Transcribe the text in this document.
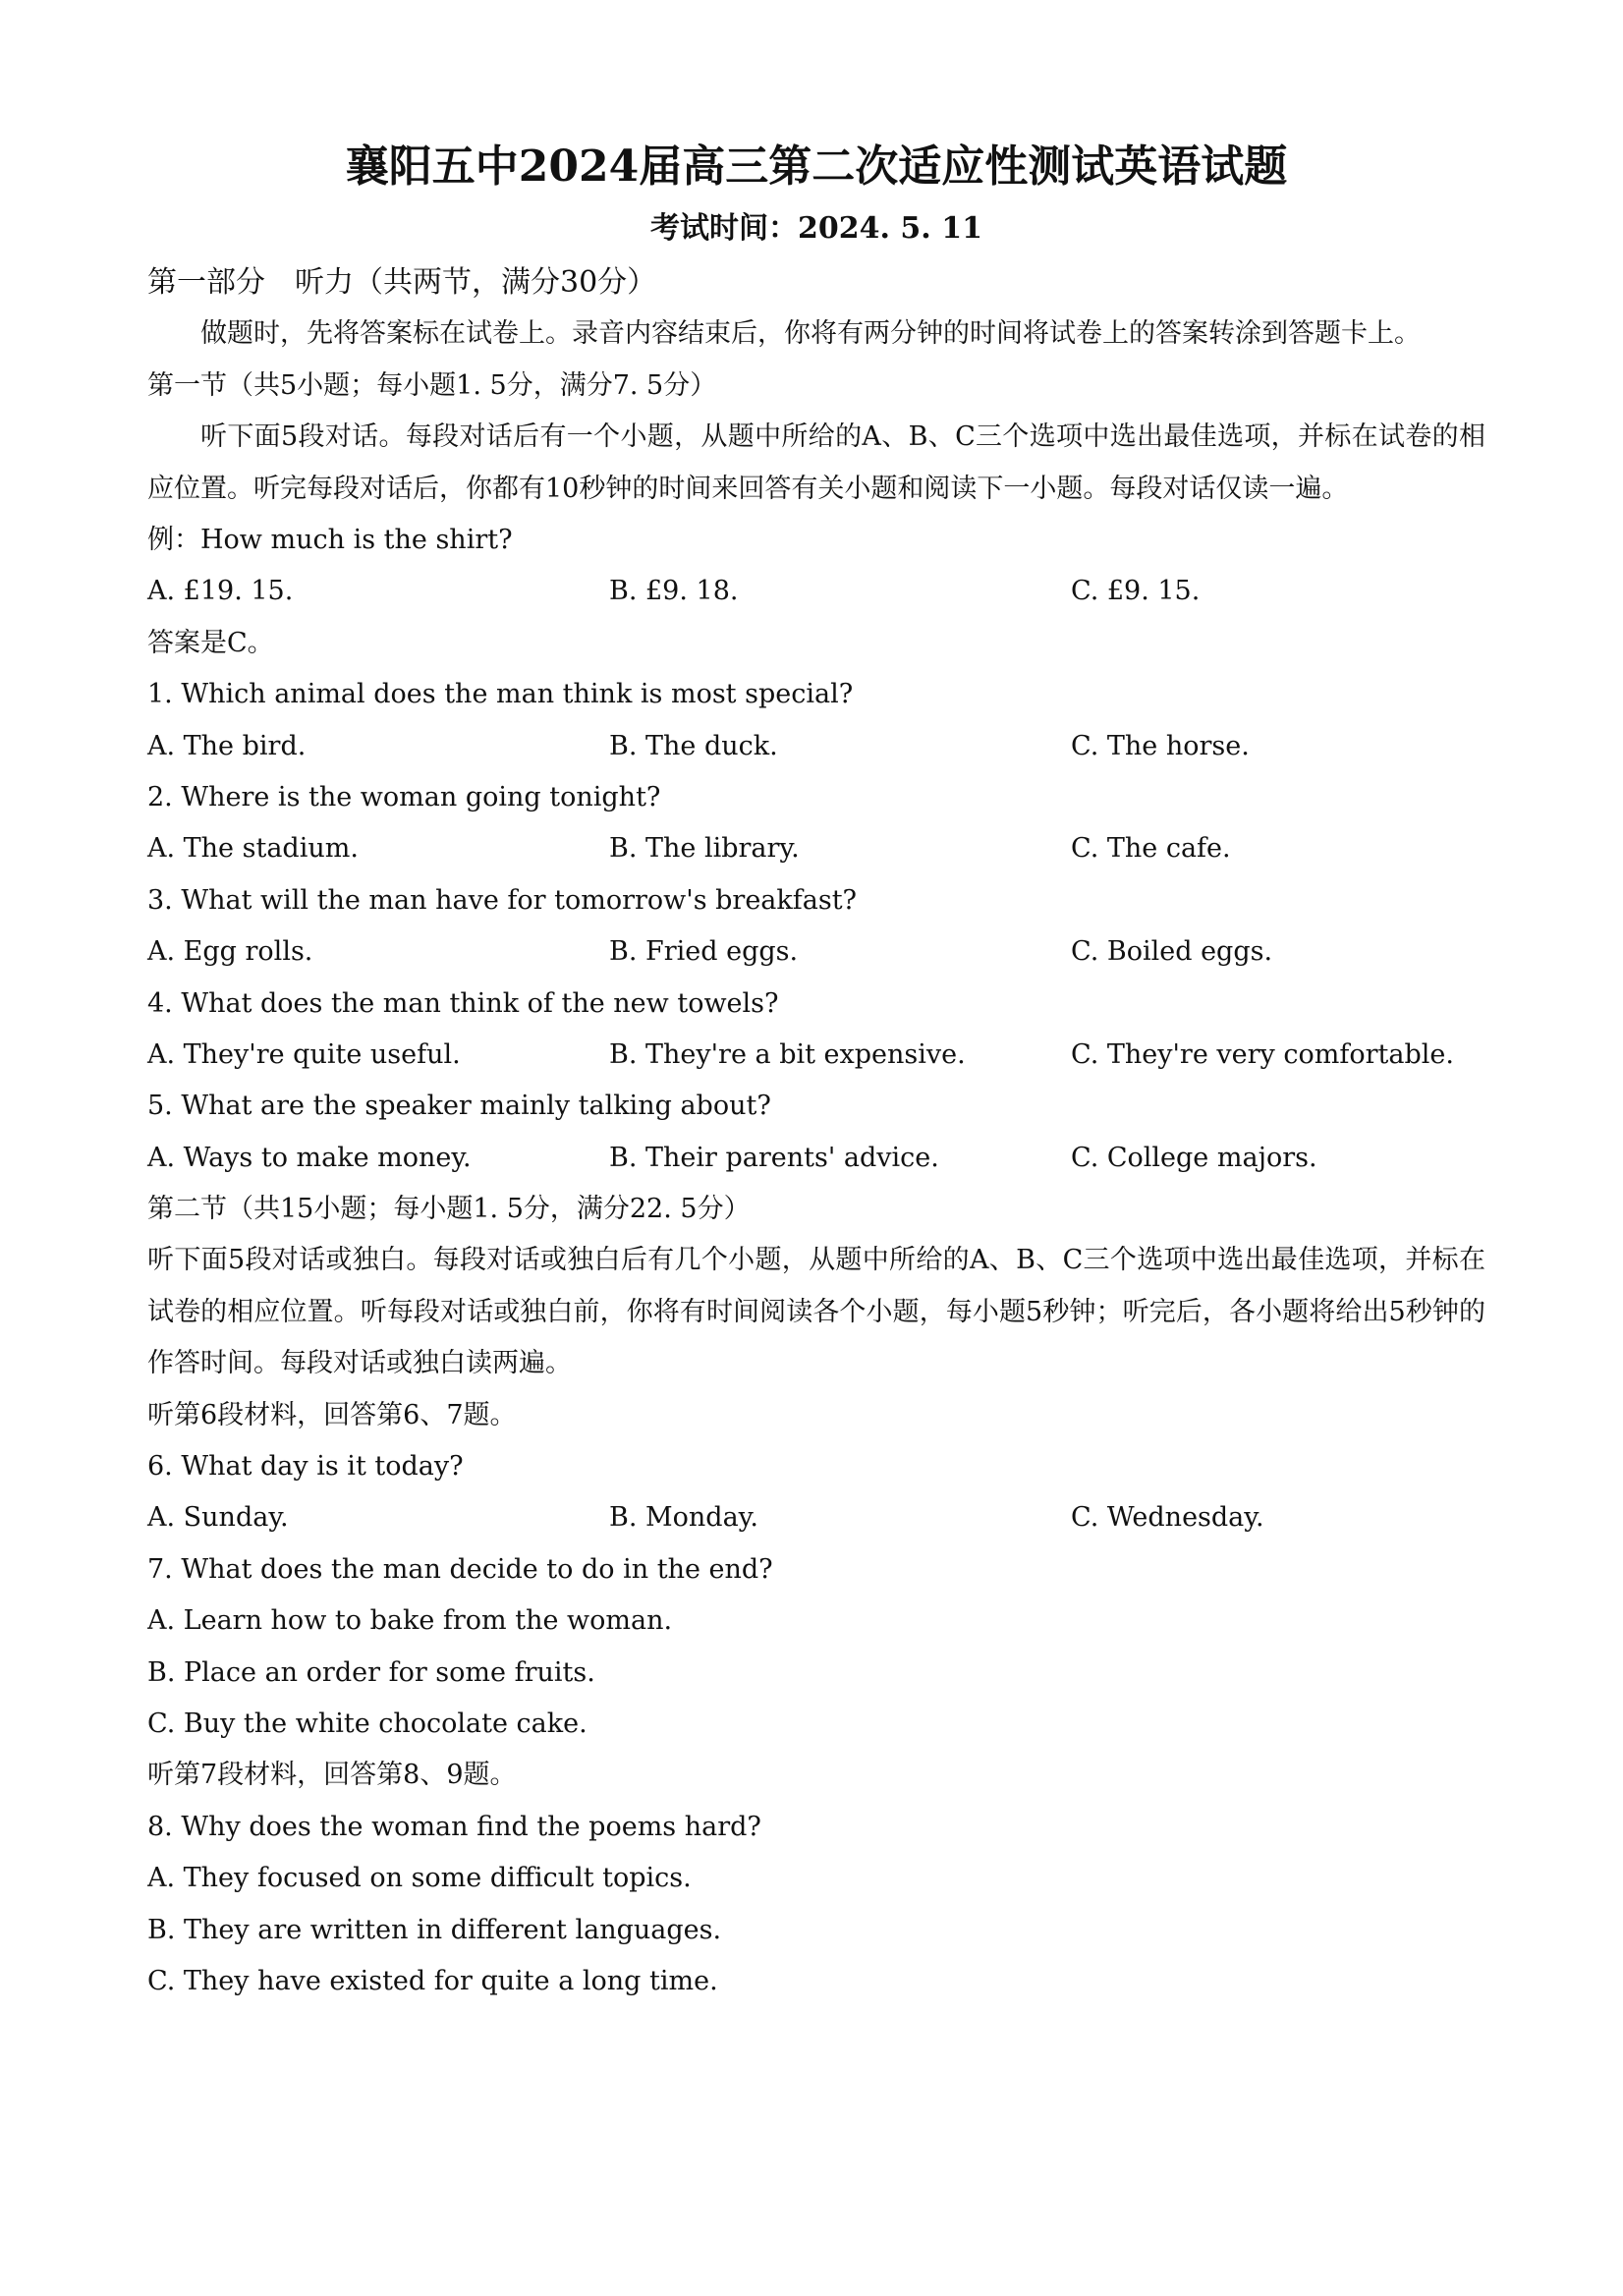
襄阳五中2024届高三第二次适应性测试英语试题
考试时间：2024. 5. 11
第一部分　听力（共两节，满分30分）

做题时，先将答案标在试卷上。录音内容结束后，你将有两分钟的时间将试卷上的答案转涂到答题卡上。

第一节（共5小题；每小题1. 5分，满分7. 5分）

听下面5段对话。每段对话后有一个小题，从题中所给的A、B、C三个选项中选出最佳选项，并标在试卷的相应位置。听完每段对话后，你都有10秒钟的时间来回答有关小题和阅读下一小题。每段对话仅读一遍。

例：How much is the shirt?
A. £19. 15.	B. £9. 18.	C. £9. 15.
答案是C。
1. Which animal does the man think is most special?
A. The bird.	B. The duck.	C. The horse.
2. Where is the woman going tonight?
A. The stadium.	B. The library.	C. The cafe.
3. What will the man have for tomorrow's breakfast?
A. Egg rolls.	B. Fried eggs.	C. Boiled eggs.
4. What does the man think of the new towels?
A. They're quite useful.	B. They're a bit expensive.	C. They're very comfortable.
5. What are the speaker mainly talking about?
A. Ways to make money.	B. Their parents' advice.	C. College majors.
第二节（共15小题；每小题1. 5分，满分22. 5分）

听下面5段对话或独白。每段对话或独白后有几个小题，从题中所给的A、B、C三个选项中选出最佳选项，并标在试卷的相应位置。听每段对话或独白前，你将有时间阅读各个小题，每小题5秒钟；听完后，各小题将给出5秒钟的作答时间。每段对话或独白读两遍。

听第6段材料，回答第6、7题。
6. What day is it today?
A. Sunday.	B. Monday.	C. Wednesday.
7. What does the man decide to do in the end?
A. Learn how to bake from the woman.
B. Place an order for some fruits.
C. Buy the white chocolate cake.
听第7段材料，回答第8、9题。
8. Why does the woman find the poems hard?
A. They focused on some difficult topics.
B. They are written in different languages.
C. They have existed for quite a long time.
